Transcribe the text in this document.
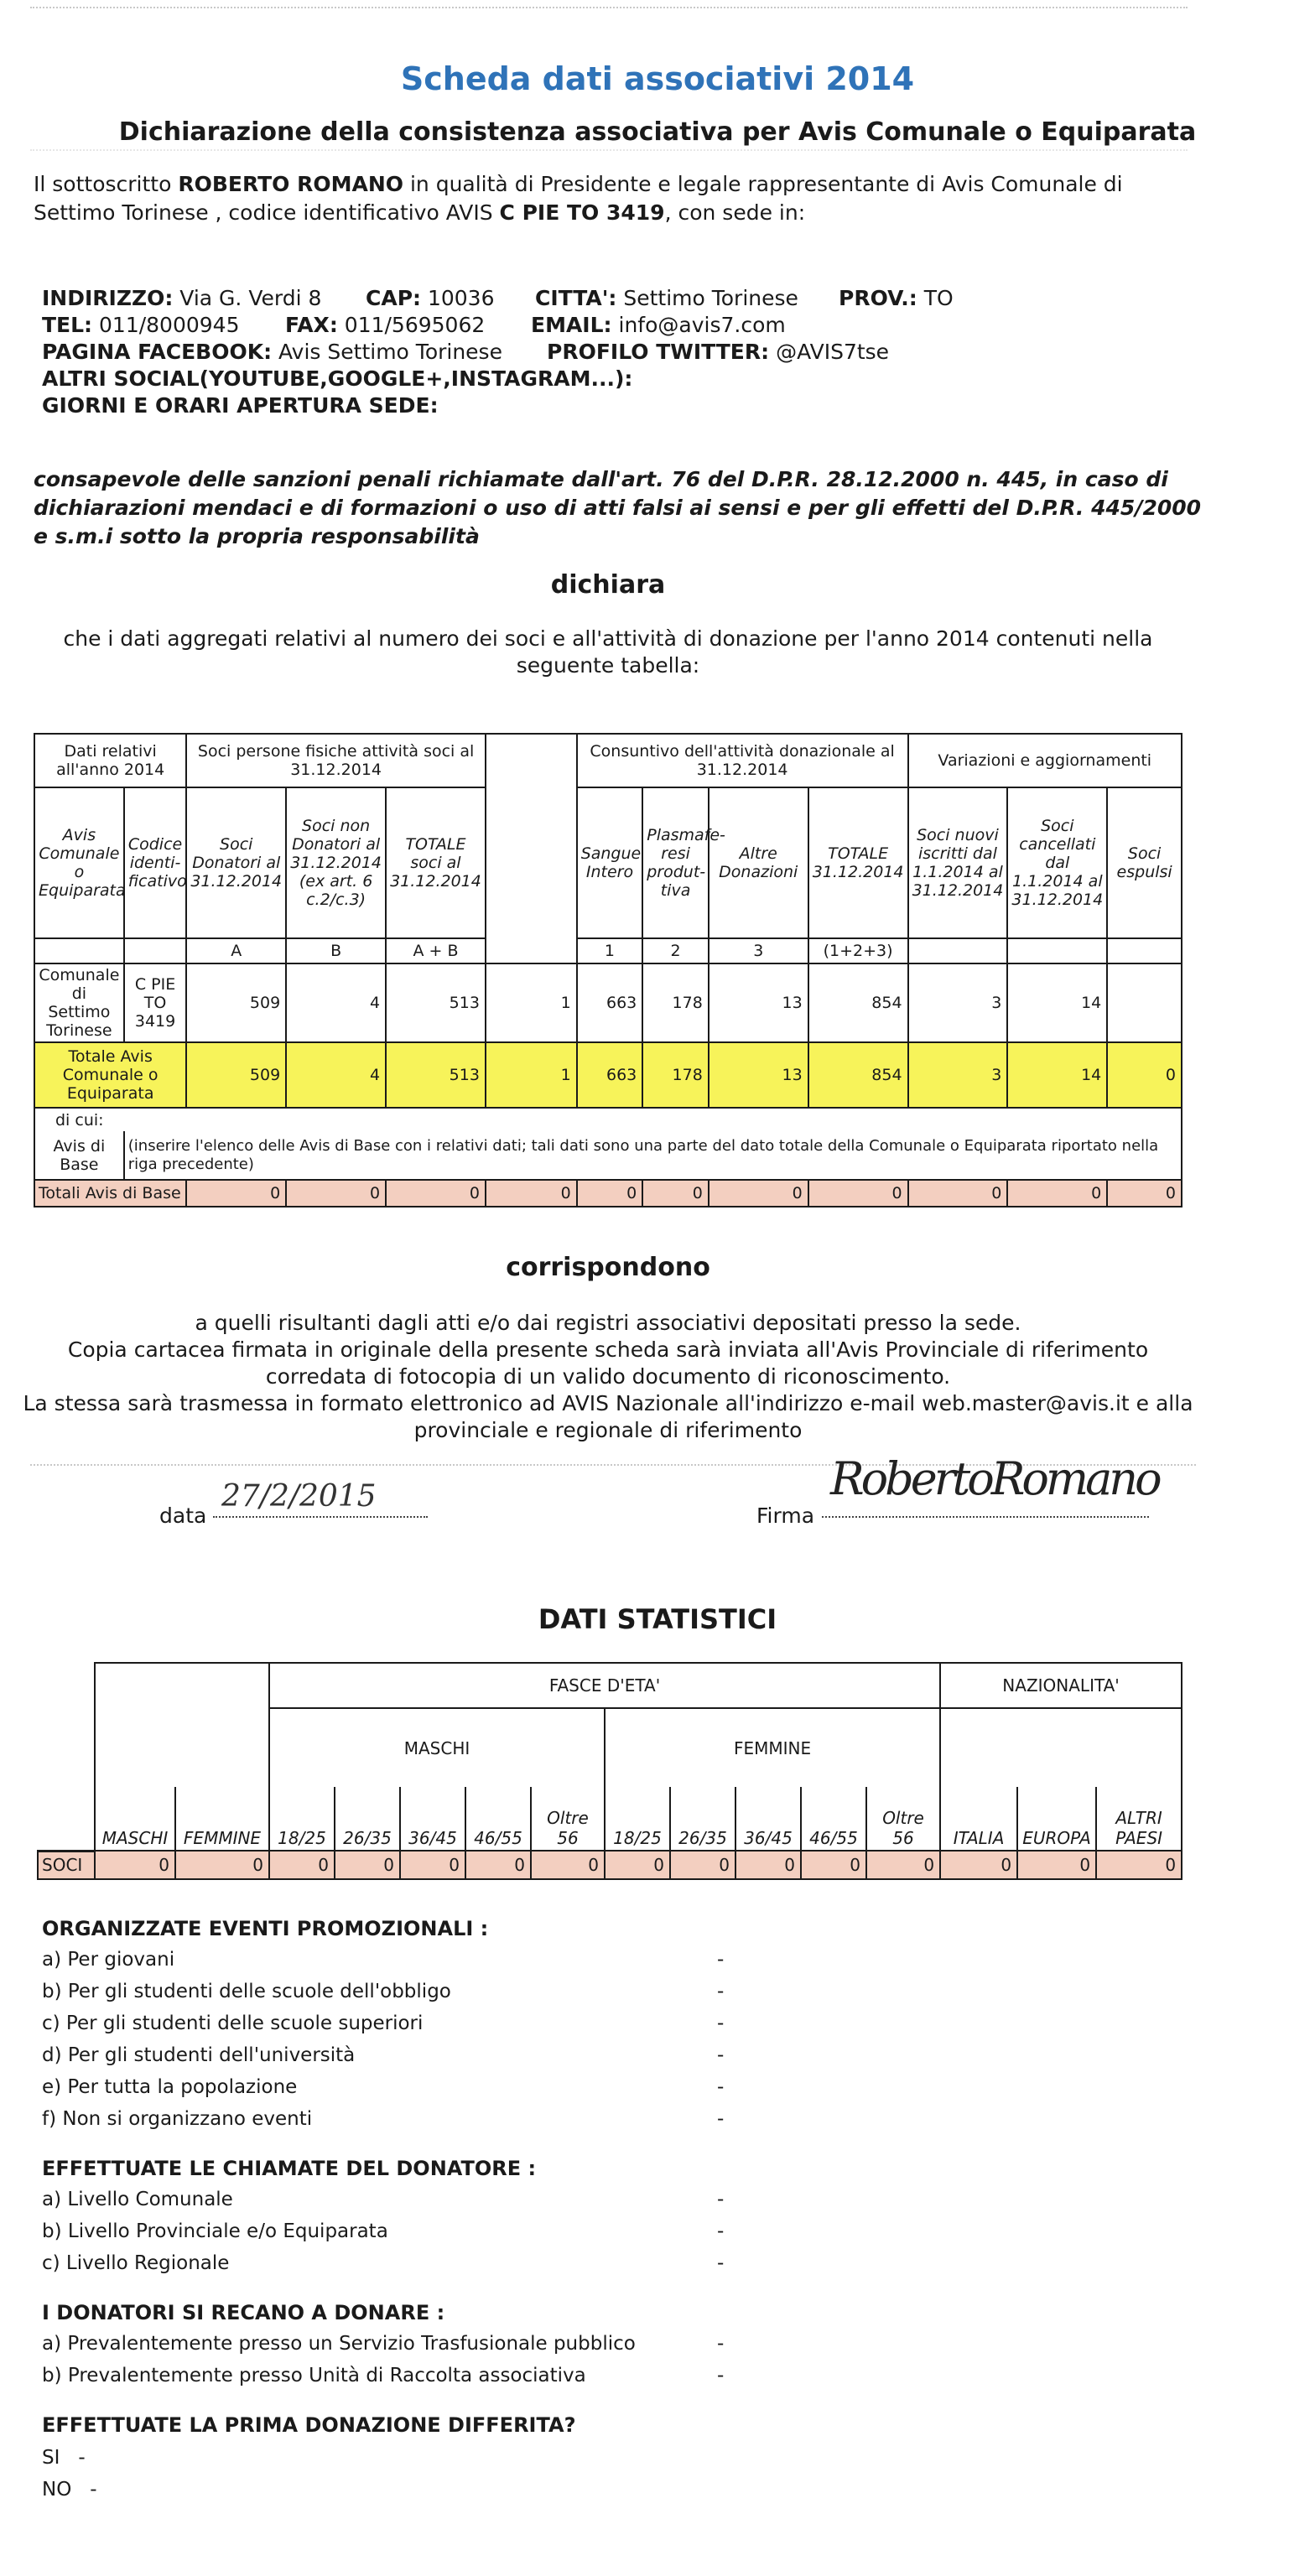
Scheda dati associativi 2014
Dichiarazione della consistenza associativa per Avis Comunale o Equiparata
Il sottoscritto ROBERTO ROMANO in qualità di Presidente e legale rappresentante di Avis Comunale di
Settimo Torinese , codice identificativo AVIS C PIE TO 3419, con sede in:
INDIRIZZO: Via G. Verdi 8 CAP: 10036 CITTA': Settimo Torinese PROV.: TO
TEL: 011/8000945 FAX: 011/5695062 EMAIL: info@avis7.com
PAGINA FACEBOOK: Avis Settimo Torinese PROFILO TWITTER: @AVIS7tse
ALTRI SOCIAL(YOUTUBE,GOOGLE+,INSTAGRAM...):
GIORNI E ORARI APERTURA SEDE:
consapevole delle sanzioni penali richiamate dall'art. 76 del D.P.R. 28.12.2000 n. 445, in caso di
dichiarazioni mendaci e di formazioni o uso di atti falsi ai sensi e per gli effetti del D.P.R. 445/2000
e s.m.i sotto la propria responsabilità
dichiara
che i dati aggregati relativi al numero dei soci e all'attività di donazione per l'anno 2014 contenuti nella
seguente tabella:
Dati relativi all'anno 2014		Soci persone fisiche attività soci al 31.12.2014				Consuntivo dell'attività donazionale al 31.12.2014				Variazioni e aggiornamenti		
Avis Comunale o Equiparata	Codice identi-ficativo	Soci Donatori al 31.12.2014	Soci non Donatori al 31.12.2014 (ex art. 6 c.2/c.3)	TOTALE soci al 31.12.2014		Sangue Intero	Plasmafe-resi produt-tiva	Altre Donazioni	TOTALE 31.12.2014	Soci nuovi iscritti dal 1.1.2014 al 31.12.2014	Soci cancellati dal 1.1.2014 al 31.12.2014	Soci espulsi
		A	B	A + B		1	2	3	(1+2+3)			
Comunale di Settimo Torinese	C PIE TO 3419	509	4	513	1	663	178	13	854	3	14	
Totale Avis Comunale o Equiparata		509	4	513	1	663	178	13	854	3	14	0
di cui:												
Avis di Base	(inserire l'elenco delle Avis di Base con i relativi dati; tali dati sono una parte del dato totale della Comunale o Equiparata riportato nella riga precedente)											
Totali Avis di Base		0	0	0	0	0	0	0	0	0	0	0
corrispondono
a quelli risultanti dagli atti e/o dai registri associativi depositati presso la sede.
Copia cartacea firmata in originale della presente scheda sarà inviata all'Avis Provinciale di riferimento
corredata di fotocopia di un valido documento di riconoscimento.
La stessa sarà trasmessa in formato elettronico ad AVIS Nazionale all'indirizzo e-mail web.master@avis.it e alla
provinciale e regionale di riferimento
data
27/2/2015
Firma
RobertoRomano
DATI STATISTICI
			FASCE D'ETA'										NAZIONALITA'		
			MASCHI					FEMMINE							
	MASCHI	FEMMINE	18/25	26/35	36/45	46/55	Oltre 56	18/25	26/35	36/45	46/55	Oltre 56	ITALIA	EUROPA	ALTRI PAESI
SOCI	0	0	0	0	0	0	0	0	0	0	0	0	0	0	0
ORGANIZZATE EVENTI PROMOZIONALI :
a) Per giovani	-
b) Per gli studenti delle scuole dell'obbligo	-
c) Per gli studenti delle scuole superiori	-
d) Per gli studenti dell'università	-
e) Per tutta la popolazione	-
f) Non si organizzano eventi	-
EFFETTUATE LE CHIAMATE DEL DONATORE :
a) Livello Comunale	-
b) Livello Provinciale e/o Equiparata	-
c) Livello Regionale	-
I DONATORI SI RECANO A DONARE :
a) Prevalentemente presso un Servizio Trasfusionale pubblico	-
b) Prevalentemente presso Unità di Raccolta associativa	-
EFFETTUATE LA PRIMA DONAZIONE DIFFERITA?
SI   -
NO   -
